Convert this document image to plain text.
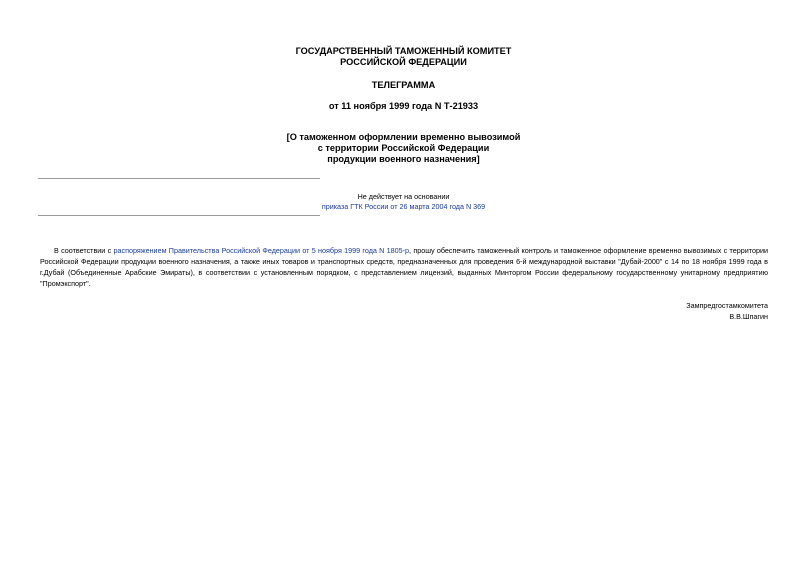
ГОСУДАРСТВЕННЫЙ ТАМОЖЕННЫЙ КОМИТЕТ
РОССИЙСКОЙ ФЕДЕРАЦИИ
ТЕЛЕГРАММА
от 11 ноября 1999 года N Т-21933
[О таможенном оформлении временно вывозимой
с территории Российской Федерации
продукции военного назначения]
Не действует на основании
приказа ГТК России от 26 марта 2004 года N 369

В соответствии с распоряжением Правительства Российской Федерации от 5 ноября 1999 года N 1805-р, прошу обеспечить таможенный контроль и таможенное оформление временно вывозимых с территории Российской Федерации продукции военного назначения, а также иных товаров и транспортных средств, предназначенных для проведения 6-й международной выставки "Дубай-2000" с 14 по 18 ноября 1999 года в г.Дубай (Объединенные Арабские Эмираты), в соответствии с установленным порядком, с представлением лицензий, выданных Минторгом России федеральному государственному унитарному предприятию "Промэкспорт".

Зампредгостамкомитета
В.В.Шпагин
